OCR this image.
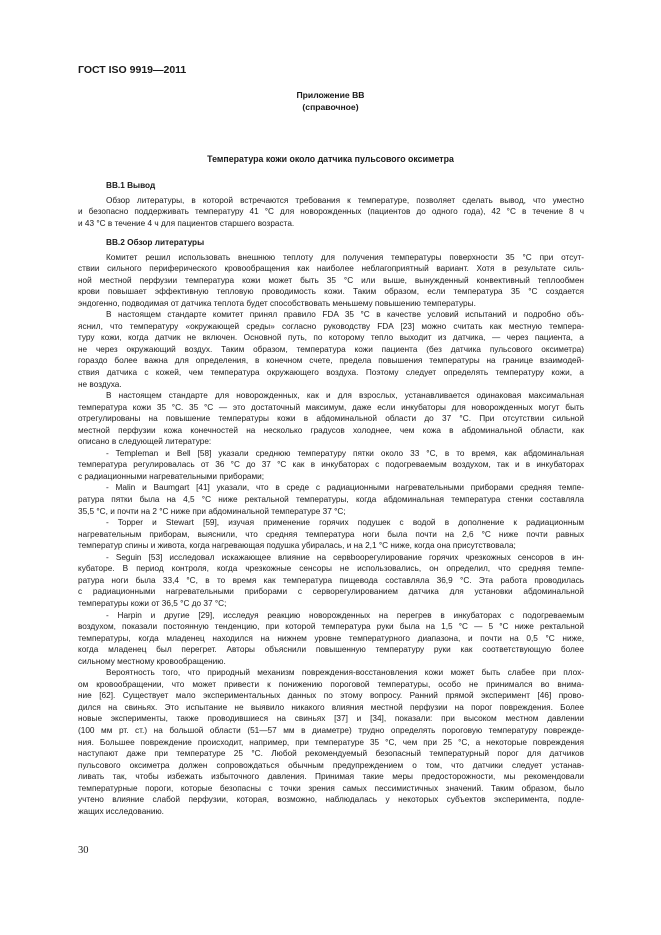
ГОСТ ISO 9919—2011
Приложение ВВ
(справочное)
Температура кожи около датчика пульсового оксиметра
ВВ.1 Вывод
Обзор литературы, в которой встречаются требования к температуре, позволяет сделать вывод, что уместно
и безопасно поддерживать температуру 41 °С для новорожденных (пациентов до одного года), 42 °С в течение 8 ч
и 43 °С в течение 4 ч для пациентов старшего возраста.
ВВ.2 Обзор литературы
Комитет решил использовать внешнюю теплоту для получения температуры поверхности 35 °С при отсут-
ствии сильного периферического кровообращения как наиболее неблагоприятный вариант. Хотя в результате силь-
ной местной перфузии температура кожи может быть 35 °С или выше, вынужденный конвективный теплообмен
крови повышает эффективную тепловую проводимость кожи. Таким образом, если температура 35 °С создается
эндогенно, подводимая от датчика теплота будет способствовать меньшему повышению температуры.
В настоящем стандарте комитет принял правило FDA 35 °С в качестве условий испытаний и подробно объ-
яснил, что температуру «окружающей среды» согласно руководству FDA [23] можно считать как местную темпера-
туру кожи, когда датчик не включен. Основной путь, по которому тепло выходит из датчика, — через пациента, а
не через окружающий воздух. Таким образом, температура кожи пациента (без датчика пульсового оксиметра)
гораздо более важна для определения, в конечном счете, предела повышения температуры на границе взаимодей-
ствия датчика с кожей, чем температура окружающего воздуха. Поэтому следует определять температуру кожи, а
не воздуха.
В настоящем стандарте для новорожденных, как и для взрослых, устанавливается одинаковая максимальная
температура кожи 35 °С. 35 °С — это достаточный максимум, даже если инкубаторы для новорожденных могут быть
отрегулированы на повышение температуры кожи в абдоминальной области до 37 °С. При отсутствии сильной
местной перфузии кожа конечностей на несколько градусов холоднее, чем кожа в абдоминальной области, как
описано в следующей литературе:
- Templeman и Bell [58] указали среднюю температуру пятки около 33 °С, в то время, как абдоминальная
температура регулировалась от 36 °С до 37 °С как в инкубаторах с подогреваемым воздухом, так и в инкубаторах
с радиационными нагревательными приборами;
- Malin и Baumgart [41] указали, что в среде с радиационными нагревательными приборами средняя темпе-
ратура пятки была на 4,5 °С ниже ректальной температуры, когда абдоминальная температура стенки составляла
35,5 °С, и почти на 2 °С ниже при абдоминальной температуре 37 °С;
- Topper и Stewart [59], изучая применение горячих подушек с водой в дополнение к радиационным
нагревательным приборам, выяснили, что средняя температура ноги была почти на 2,6 °С ниже почти равных
температур спины и живота, когда нагревающая подушка убиралась, и на 2,1 °С ниже, когда она присутствовала;
- Seguin [53] исследовал искажающее влияние на сервbooрегулирование горячих чрезкожных сенсоров в ин-
кубаторе. В период контроля, когда чрезкожные сенсоры не использовались, он определил, что средняя темпе-
ратура ноги была 33,4 °С, в то время как температура пищевода составляла 36,9 °С. Эта работа проводилась
с радиационными нагревательными приборами с сервоpегулированием датчика для установки абдоминальной
температуры кожи от 36,5 °С до 37 °С;
- Harpin и другие [29], исследуя реакцию новорожденных на перегрев в инкубаторах с подогреваемым
воздухом, показали постоянную тенденцию, при которой температура руки была на 1,5 °С — 5 °С ниже ректальной
температуры, когда младенец находился на нижнем уровне температурного диапазона, и почти на 0,5 °С ниже,
когда младенец был перегрет. Авторы объяснили повышенную температуру руки как соответствующую более
сильному местному кровообращению.
Вероятность того, что природный механизм повреждения-восстановления кожи может быть слабее при плох-
ом кровообращении, что может привести к понижению пороговой температуры, особо не принимался во внима-
ние [62]. Существует мало экспериментальных данных по этому вопросу. Ранний прямой эксперимент [46] прово-
дился на свиньях. Это испытание не выявило никакого влияния местной перфузии на порог повреждения. Более
новые эксперименты, также проводившиеся на свиньях [37] и [34], показали: при высоком местном давлении
(100 мм рт. ст.) на большой области (51—57 мм в диаметре) трудно определять пороговую температуру поврежде-
ния. Большее повреждение происходит, например, при температуре 35 °С, чем при 25 °С, а некоторые повреждения
наступают даже при температуре 25 °С. Любой рекомендуемый безопасный температурный порог для датчиков
пульсового оксиметра должен сопровождаться обычным предупреждением о том, что датчики следует устанав-
ливать так, чтобы избежать избыточного давления. Принимая такие меры предосторожности, мы рекомендовали
температурные пороги, которые безопасны с точки зрения самых пессимистичных значений. Таким образом, было
учтено влияние слабой перфузии, которая, возможно, наблюдалась у некоторых субъектов эксперимента, подле-
жащих исследованию.
30
